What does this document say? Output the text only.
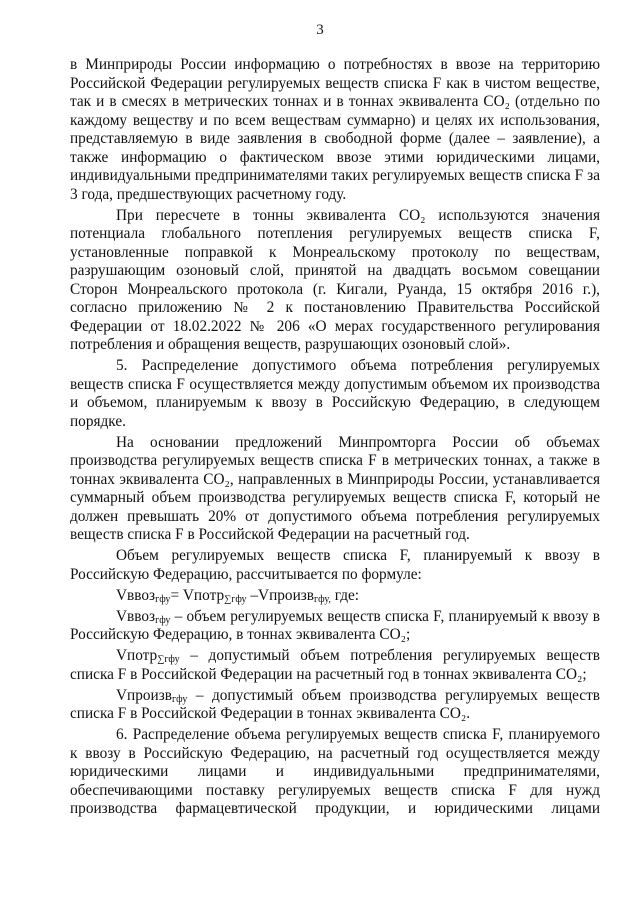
3

в Минприроды России информацию о потребностях в ввозе на территорию Российской Федерации регулируемых веществ списка F как в чистом веществе, так и в смесях в метрических тоннах и в тоннах эквивалента CO₂ (отдельно по каждому веществу и по всем веществам суммарно) и целях их использования, представляемую в виде заявления в свободной форме (далее – заявление), а также информацию о фактическом ввозе этими юридическими лицами, индивидуальными предпринимателями таких регулируемых веществ списка F за 3 года, предшествующих расчетному году.

При пересчете в тонны эквивалента CO₂ используются значения потенциала глобального потепления регулируемых веществ списка F, установленные поправкой к Монреальскому протоколу по веществам, разрушающим озоновый слой, принятой на двадцать восьмом совещании Сторон Монреальского протокола (г. Кигали, Руанда, 15 октября 2016 г.), согласно приложению № 2 к постановлению Правительства Российской Федерации от 18.02.2022 № 206 «О мерах государственного регулирования потребления и обращения веществ, разрушающих озоновый слой».

5. Распределение допустимого объема потребления регулируемых веществ списка F осуществляется между допустимым объемом их производства и объемом, планируемым к ввозу в Российскую Федерацию, в следующем порядке.

На основании предложений Минпромторга России об объемах производства регулируемых веществ списка F в метрических тоннах, а также в тоннах эквивалента CO₂, направленных в Минприроды России, устанавливается суммарный объем производства регулируемых веществ списка F, который не должен превышать 20% от допустимого объема потребления регулируемых веществ списка F в Российской Федерации на расчетный год.

Объем регулируемых веществ списка F, планируемый к ввозу в Российскую Федерацию, рассчитывается по формуле:

Vввоз$_{гфу}$= Vпотр$_{\sum гфу}$ –Vпроизв$_{гфу,}$ где:

Vввоз$_{гфу}$ – объем регулируемых веществ списка F, планируемый к ввозу в Российскую Федерацию, в тоннах эквивалента CO₂;

Vпотр$_{\sum гфу}$ – допустимый объем потребления регулируемых веществ списка F в Российской Федерации на расчетный год в тоннах эквивалента CO₂;

Vпроизв$_{гфу}$ – допустимый объем производства регулируемых веществ списка F в Российской Федерации в тоннах эквивалента CO₂.

6. Распределение объема регулируемых веществ списка F, планируемого к ввозу в Российскую Федерацию, на расчетный год осуществляется между юридическими лицами и индивидуальными предпринимателями, обеспечивающими поставку регулируемых веществ списка F для нужд производства фармацевтической продукции, и юридическими лицами
